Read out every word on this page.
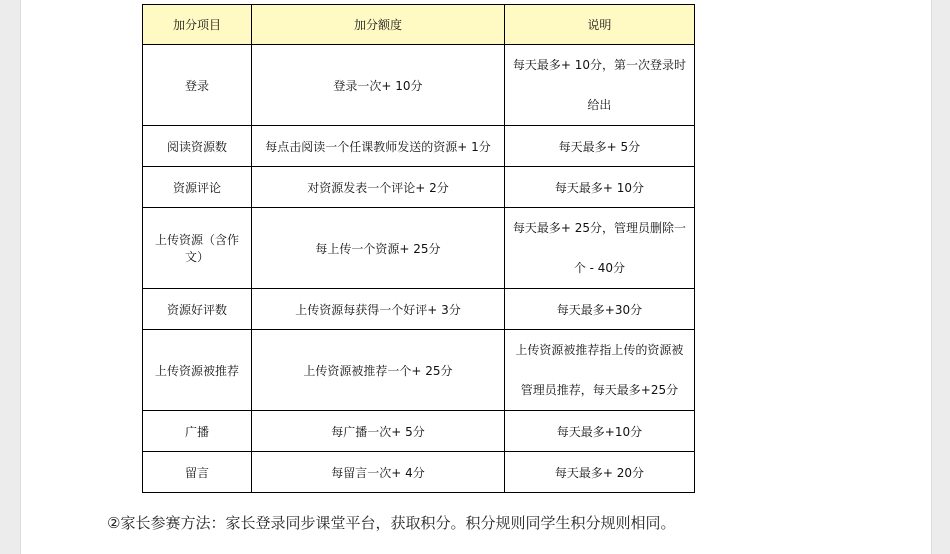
加分项目	加分额度	说明
登录	登录一次+ 10分	每天最多+ 10分，第一次登录时
给出

阅读资源数	每点击阅读一个任课教师发送的资源+ 1分	每天最多+ 5分
资源评论	对资源发表一个评论+ 2分	每天最多+ 10分
上传资源（含作文）	每上传一个资源+ 25分	每天最多+ 25分，管理员删除一
个 - 40分

资源好评数	上传资源每获得一个好评+ 3分	每天最多+30分
上传资源被推荐	上传资源被推荐一个+ 25分	上传资源被推荐指上传的资源被
管理员推荐，每天最多+25分

广播	每广播一次+ 5分	每天最多+10分
留言	每留言一次+ 4分	每天最多+ 20分
②家长参赛方法：家长登录同步课堂平台，获取积分。积分规则同学生积分规则相同。
